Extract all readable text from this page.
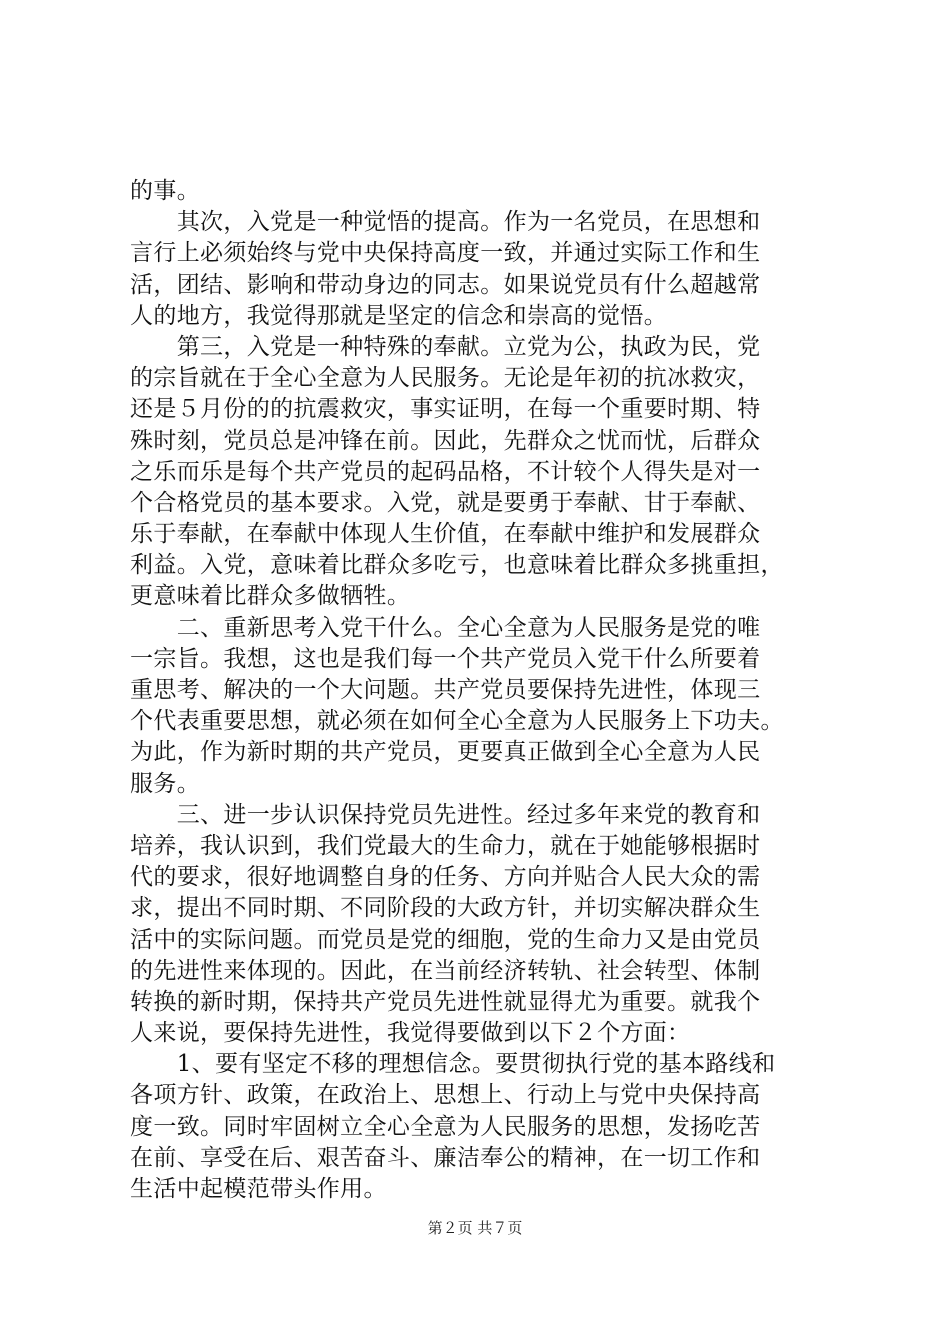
的事。
　　其次，入党是一种觉悟的提高。作为一名党员，在思想和
言行上必须始终与党中央保持高度一致，并通过实际工作和生
活，团结、影响和带动身边的同志。如果说党员有什么超越常
人的地方，我觉得那就是坚定的信念和崇高的觉悟。
　　第三，入党是一种特殊的奉献。立党为公，执政为民，党
的宗旨就在于全心全意为人民服务。无论是年初的抗冰救灾，
还是５月份的的抗震救灾，事实证明，在每一个重要时期、特
殊时刻，党员总是冲锋在前。因此，先群众之忧而忧，后群众
之乐而乐是每个共产党员的起码品格，不计较个人得失是对一
个合格党员的基本要求。入党，就是要勇于奉献、甘于奉献、
乐于奉献，在奉献中体现人生价值，在奉献中维护和发展群众
利益。入党，意味着比群众多吃亏，也意味着比群众多挑重担，
更意味着比群众多做牺牲。
　　二、重新思考入党干什么。全心全意为人民服务是党的唯
一宗旨。我想，这也是我们每一个共产党员入党干什么所要着
重思考、解决的一个大问题。共产党员要保持先进性，体现三
个代表重要思想，就必须在如何全心全意为人民服务上下功夫。
为此，作为新时期的共产党员，更要真正做到全心全意为人民
服务。
　　三、进一步认识保持党员先进性。经过多年来党的教育和
培养，我认识到，我们党最大的生命力，就在于她能够根据时
代的要求，很好地调整自身的任务、方向并贴合人民大众的需
求，提出不同时期、不同阶段的大政方针，并切实解决群众生
活中的实际问题。而党员是党的细胞，党的生命力又是由党员
的先进性来体现的。因此，在当前经济转轨、社会转型、体制
转换的新时期，保持共产党员先进性就显得尤为重要。就我个
人来说，要保持先进性，我觉得要做到以下２个方面：
　　1、要有坚定不移的理想信念。要贯彻执行党的基本路线和
各项方针、政策，在政治上、思想上、行动上与党中央保持高
度一致。同时牢固树立全心全意为人民服务的思想，发扬吃苦
在前、享受在后、艰苦奋斗、廉洁奉公的精神，在一切工作和
生活中起模范带头作用。
第２页 共７页
